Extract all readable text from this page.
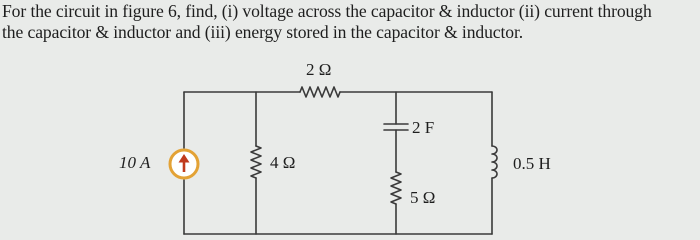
For the circuit in figure 6, find, (i) voltage across the capacitor & inductor (ii) current through

the capacitor & inductor and (iii) energy stored in the capacitor & inductor.

2 Ω
10 A	4 Ω
2 F
5 Ω
0.5 H
